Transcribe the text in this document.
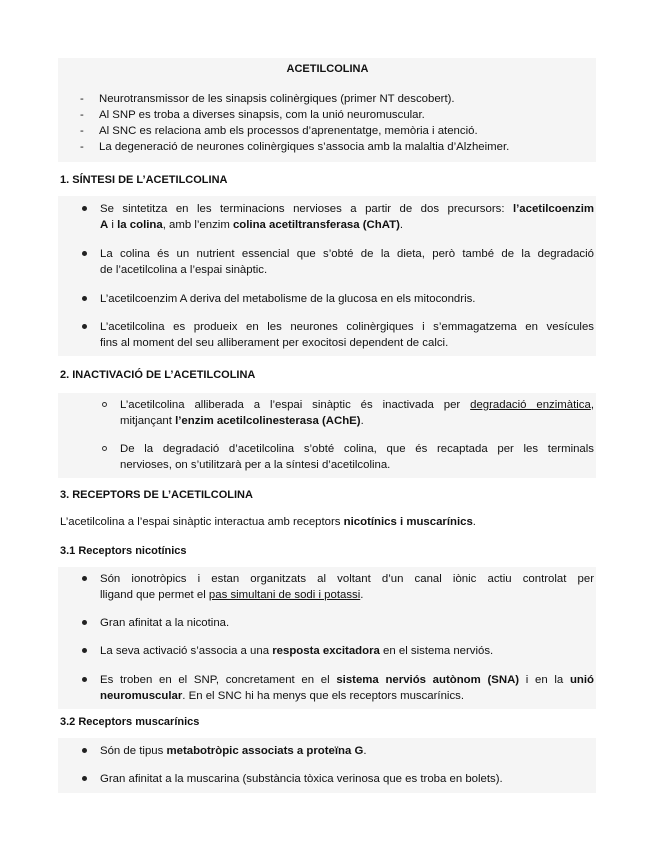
ACETILCOLINA
- Neurotransmissor de les sinapsis colinèrgiques (primer NT descobert).
- Al SNP es troba a diverses sinapsis, com la unió neuromuscular.
- Al SNC es relaciona amb els processos d’aprenentatge, memòria i atenció.
- La degeneració de neurones colinèrgiques s’associa amb la malaltia d’Alzheimer.
1. SÍNTESI DE L’ACETILCOLINA
Se sintetitza en les terminacions nervioses a partir de dos precursors: l’acetilcoenzim
A i la colina, amb l’enzim colina acetiltransferasa (ChAT).
La colina és un nutrient essencial que s’obté de la dieta, però també de la degradació
de l’acetilcolina a l’espai sinàptic.
L’acetilcoenzim A deriva del metabolisme de la glucosa en els mitocondris.
L’acetilcolina es produeix en les neurones colinèrgiques i s’emmagatzema en vesícules
fins al moment del seu alliberament per exocitosi dependent de calci.
2. INACTIVACIÓ DE L’ACETILCOLINA
L’acetilcolina alliberada a l’espai sinàptic és inactivada per degradació enzimàtica,
mitjançant l’enzim acetilcolinesterasa (AChE).
De la degradació d’acetilcolina s’obté colina, que és recaptada per les terminals
nervioses, on s’utilitzarà per a la síntesi d’acetilcolina.
3. RECEPTORS DE L’ACETILCOLINA
L’acetilcolina a l’espai sinàptic interactua amb receptors nicotínics i muscarínics.
3.1 Receptors nicotínics
Són ionotròpics i estan organitzats al voltant d’un canal iònic actiu controlat per
lligand que permet el pas simultani de sodi i potassi.
Gran afinitat a la nicotina.
La seva activació s’associa a una resposta excitadora en el sistema nerviós.
Es troben en el SNP, concretament en el sistema nerviós autònom (SNA) i en la unió
neuromuscular. En el SNC hi ha menys que els receptors muscarínics.
3.2 Receptors muscarínics
Són de tipus metabotròpic associats a proteïna G.
Gran afinitat a la muscarina (substància tòxica verinosa que es troba en bolets).
